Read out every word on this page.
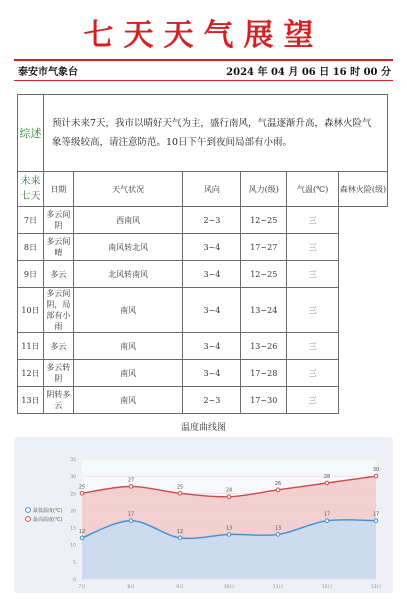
七天天气展望
泰安市气象台	2024 年 04 月 06 日 16 时 00 分
综述	预计未来7天，我市以晴好天气为主，盛行南风，气温逐渐升高，森林火险气象等级较高，请注意防范。10日下午到夜间局部有小雨。					
未来七天	日期	天气状况	风向	风力(级)	气温(℃)	森林火险(级)
7日	多云间阴	西南风	2~3	12~25	三	
8日	多云间晴	南风转北风	3~4	17~27	三	
9日	多云	北风转南风	3~4	12~25	三	
10日	多云间阴，局部有小雨	南风	3~4	13~24	三	
11日	多云	南风	3~4	13~26	三	
12日	多云转阴	南风	3~4	17~28	三	
13日	阴转多云	南风	2~3	17~30	三	
温度曲线图
0
5
10
15
20
25
30
35
7日	8日	9日	10日	11日	12日	13日
25
27
25
24
26
28
30
12
17
12
13	13
17	17
最低温度(℃)
最高温度(℃)
